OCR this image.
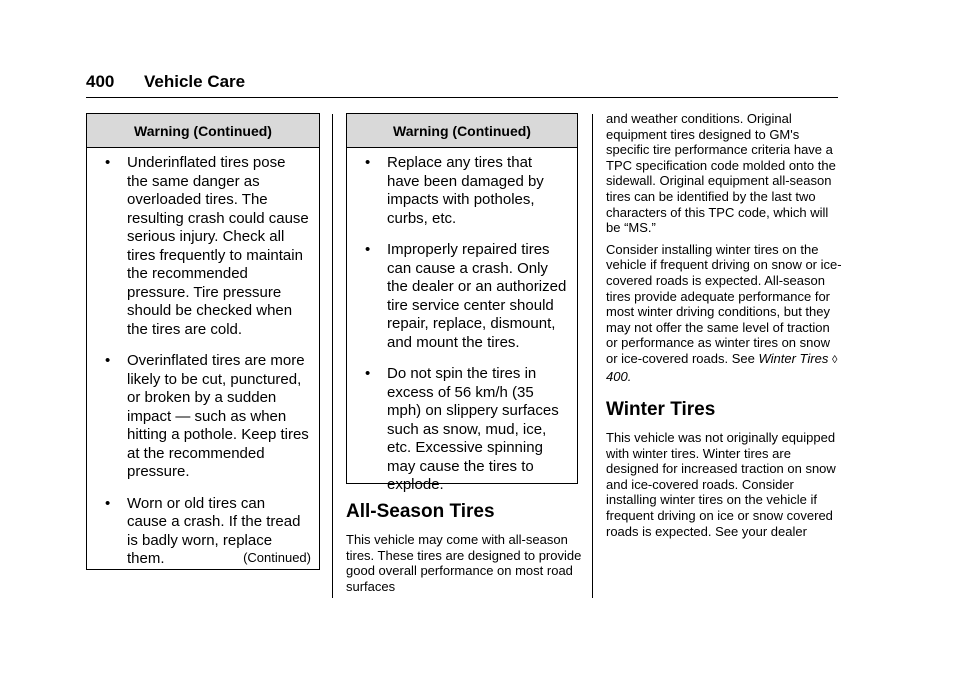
400 Vehicle Care
Warning (Continued)
• Underinflated tires pose the same danger as overloaded tires. The resulting crash could cause serious injury. Check all tires frequently to maintain the recommended pressure. Tire pressure should be checked when the tires are cold.
• Overinflated tires are more likely to be cut, punctured, or broken by a sudden impact — such as when hitting a pothole. Keep tires at the recommended pressure.
• Worn or old tires can cause a crash. If the tread is badly worn, replace them.	(Continued)
Warning (Continued)
• Replace any tires that have been damaged by impacts with potholes, curbs, etc.
• Improperly repaired tires can cause a crash. Only the dealer or an authorized tire service center should repair, replace, dismount, and mount the tires.
• Do not spin the tires in excess of 56 km/h (35 mph) on slippery surfaces such as snow, mud, ice, etc. Excessive spinning may cause the tires to explode.
All-Season Tires

This vehicle may come with all-season tires. These tires are designed to provide good overall performance on most road surfaces

and weather conditions. Original equipment tires designed to GM's specific tire performance criteria have a TPC specification code molded onto the sidewall. Original equipment all-season tires can be identified by the last two characters of this TPC code, which will be “MS.”

Consider installing winter tires on the vehicle if frequent driving on snow or ice-covered roads is expected. All-season tires provide adequate performance for most winter driving conditions, but they may not offer the same level of traction or performance as winter tires on snow or ice-covered roads. See Winter Tires ◊ 400.

Winter Tires

This vehicle was not originally equipped with winter tires. Winter tires are designed for increased traction on snow and ice-covered roads. Consider installing winter tires on the vehicle if frequent driving on ice or snow covered roads is expected. See your dealer
